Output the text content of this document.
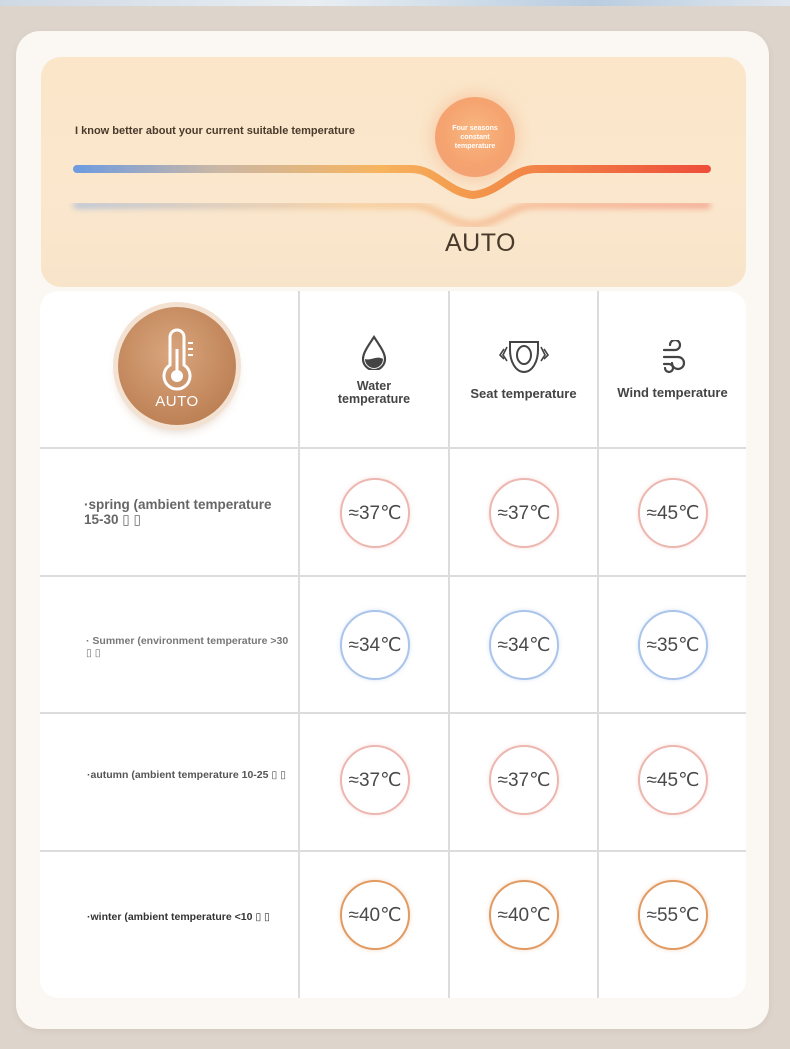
I know better about your current suitable temperature	Four seasons constant temperature
AUTO
AUTO
Water temperature	Seat temperature	Wind temperature
·spring (ambient temperature 15-30 ▯ ▯	≈37℃	≈37℃	≈45℃
· Summer (environment temperature >30 ▯ ▯	≈34℃	≈34℃	≈35℃
·autumn (ambient temperature 10-25 ▯ ▯	≈37℃	≈37℃	≈45℃
·winter (ambient temperature <10 ▯ ▯	≈40℃	≈40℃	≈55℃
